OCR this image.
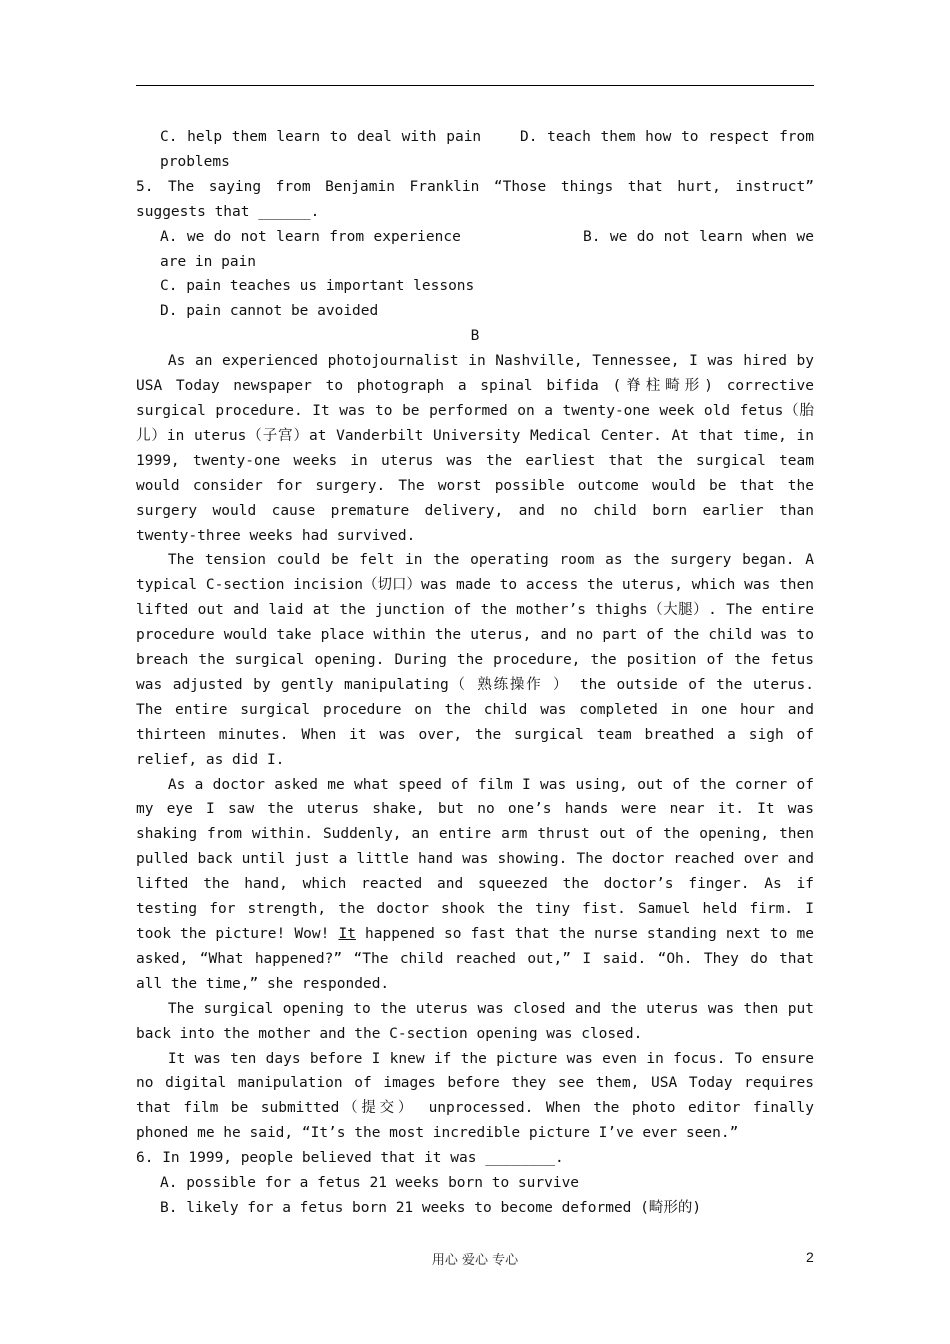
C. help them learn to deal with pain	D. teach them how to respect from problems

5. The saying from Benjamin Franklin “Those things that hurt, instruct” suggests that ______.

A. we do not learn from experience	B. we do not learn when we are in pain

C. pain teaches us important lessons

D. pain cannot be avoided

B

As an experienced photojournalist in Nashville, Tennessee, I was hired by USA Today newspaper to photograph a spinal bifida (脊柱畸形) corrective surgical procedure. It was to be performed on a twenty-one week old fetus（胎儿）in uterus（子宫）at Vanderbilt University Medical Center. At that time, in 1999, twenty-one weeks in uterus was the earliest that the surgical team would consider for surgery. The worst possible outcome would be that the surgery would cause premature delivery, and no child born earlier than twenty-three weeks had survived.

The tension could be felt in the operating room as the surgery began. A typical C-section incision（切口）was made to access the uterus, which was then lifted out and laid at the junction of the mother’s thighs（大腿）. The entire procedure would take place within the uterus, and no part of the child was to breach the surgical opening. During the procedure, the position of the fetus was adjusted by gently manipulating（ 熟练操作 ） the outside of the uterus. The entire surgical procedure on the child was completed in one hour and thirteen minutes. When it was over, the surgical team breathed a sigh of relief, as did I.

As a doctor asked me what speed of film I was using, out of the corner of my eye I saw the uterus shake, but no one’s hands were near it. It was shaking from within. Suddenly, an entire arm thrust out of the opening, then pulled back until just a little hand was showing. The doctor reached over and lifted the hand, which reacted and squeezed the doctor’s finger. As if testing for strength, the doctor shook the tiny fist. Samuel held firm. I took the picture! Wow! It happened so fast that the nurse standing next to me asked, “What happened?” “The child reached out,” I said. “Oh. They do that all the time,” she responded.

The surgical opening to the uterus was closed and the uterus was then put back into the mother and the C-section opening was closed.

It was ten days before I knew if the picture was even in focus. To ensure no digital manipulation of images before they see them, USA Today requires that film be submitted（提交） unprocessed. When the photo editor finally phoned me he said, “It’s the most incredible picture I’ve ever seen.”

6. In 1999, people believed that it was ________.

A. possible for a fetus 21 weeks born to survive

B. likely for a fetus born 21 weeks to become deformed (畸形的)

用心 爱心 专心	2
